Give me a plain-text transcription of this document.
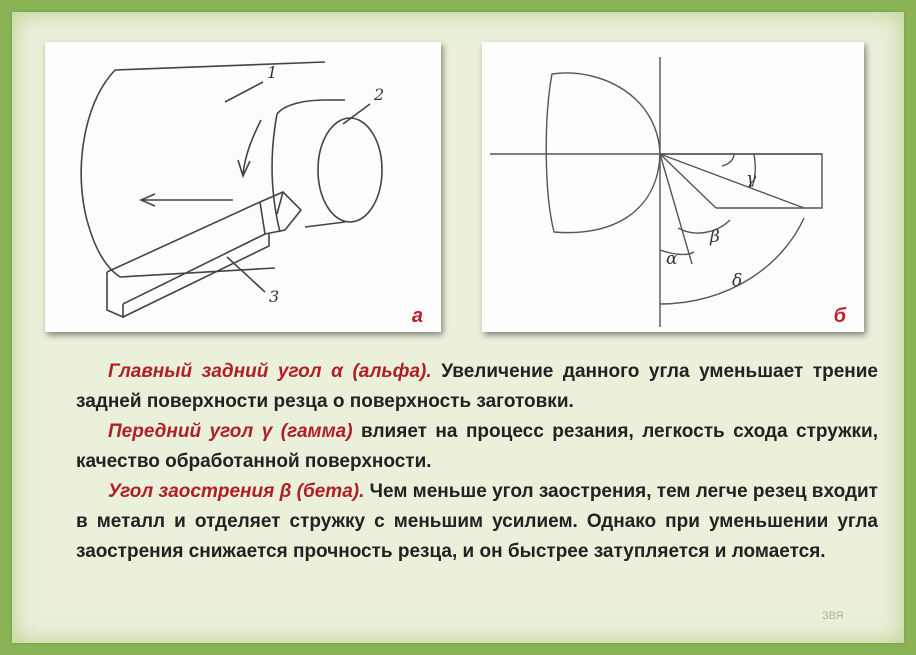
1
2
3
а
γ
β
α
δ
б

Главный задний угол α (альфа). Увеличение данного угла уменьшает трение задней поверхности резца о поверхность заготовки.

Передний угол γ (гамма) влияет на процесс резания, легкость схода стружки, качество обработанной поверхности.

Угол заострения β (бета). Чем меньше угол заострения, тем легче резец входит в металл и отделяет стружку с меньшим усилием. Однако при уменьшении угла заострения снижается прочность резца, и он быстрее затупляется и ломается.

ЗВЯ
